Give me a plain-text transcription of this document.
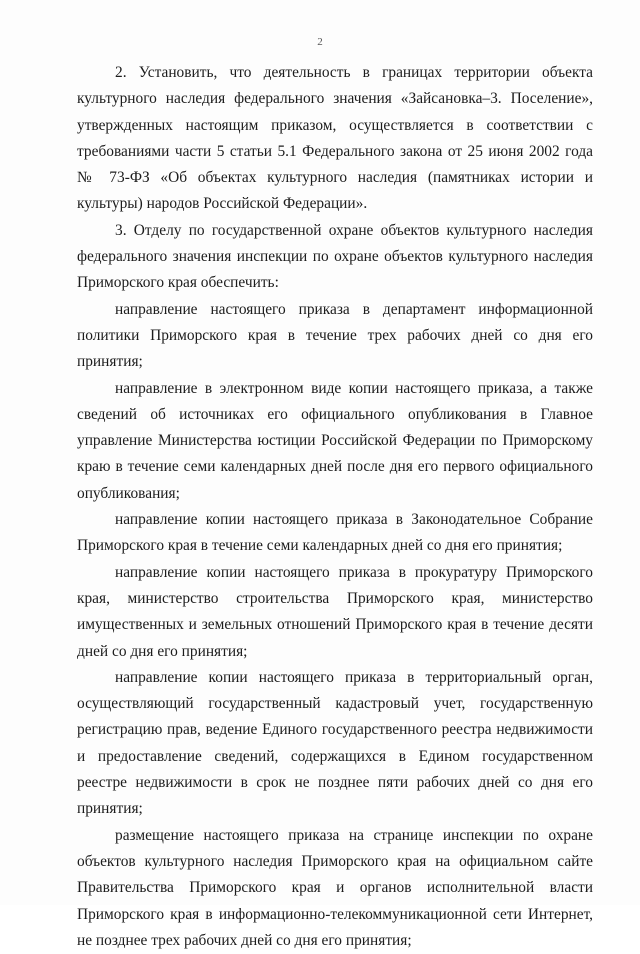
2

2. Установить, что деятельность в границах территории объекта культурного наследия федерального значения «Зайсановка–3. Поселение», утвержденных настоящим приказом, осуществляется в соответствии с требованиями части 5 статьи 5.1 Федерального закона от 25 июня 2002 года № 73-ФЗ «Об объектах культурного наследия (памятниках истории и культуры) народов Российской Федерации».

3. Отделу по государственной охране объектов культурного наследия федерального значения инспекции по охране объектов культурного наследия Приморского края обеспечить:

направление настоящего приказа в департамент информационной политики Приморского края в течение трех рабочих дней со дня его принятия;

направление в электронном виде копии настоящего приказа, а также сведений об источниках его официального опубликования в Главное управление Министерства юстиции Российской Федерации по Приморскому краю в течение семи календарных дней после дня его первого официального опубликования;

направление копии настоящего приказа в Законодательное Собрание Приморского края в течение семи календарных дней со дня его принятия;

направление копии настоящего приказа в прокуратуру Приморского края, министерство строительства Приморского края, министерство имущественных и земельных отношений Приморского края в течение десяти дней со дня его принятия;

направление копии настоящего приказа в территориальный орган, осуществляющий государственный кадастровый учет, государственную регистрацию прав, ведение Единого государственного реестра недвижимости и предоставление сведений, содержащихся в Едином государственном реестре недвижимости в срок не позднее пяти рабочих дней со дня его принятия;

размещение настоящего приказа на странице инспекции по охране объектов культурного наследия Приморского края на официальном сайте Правительства Приморского края и органов исполнительной власти Приморского края в информационно-телекоммуникационной сети Интернет, не позднее трех рабочих дней со дня его принятия;
